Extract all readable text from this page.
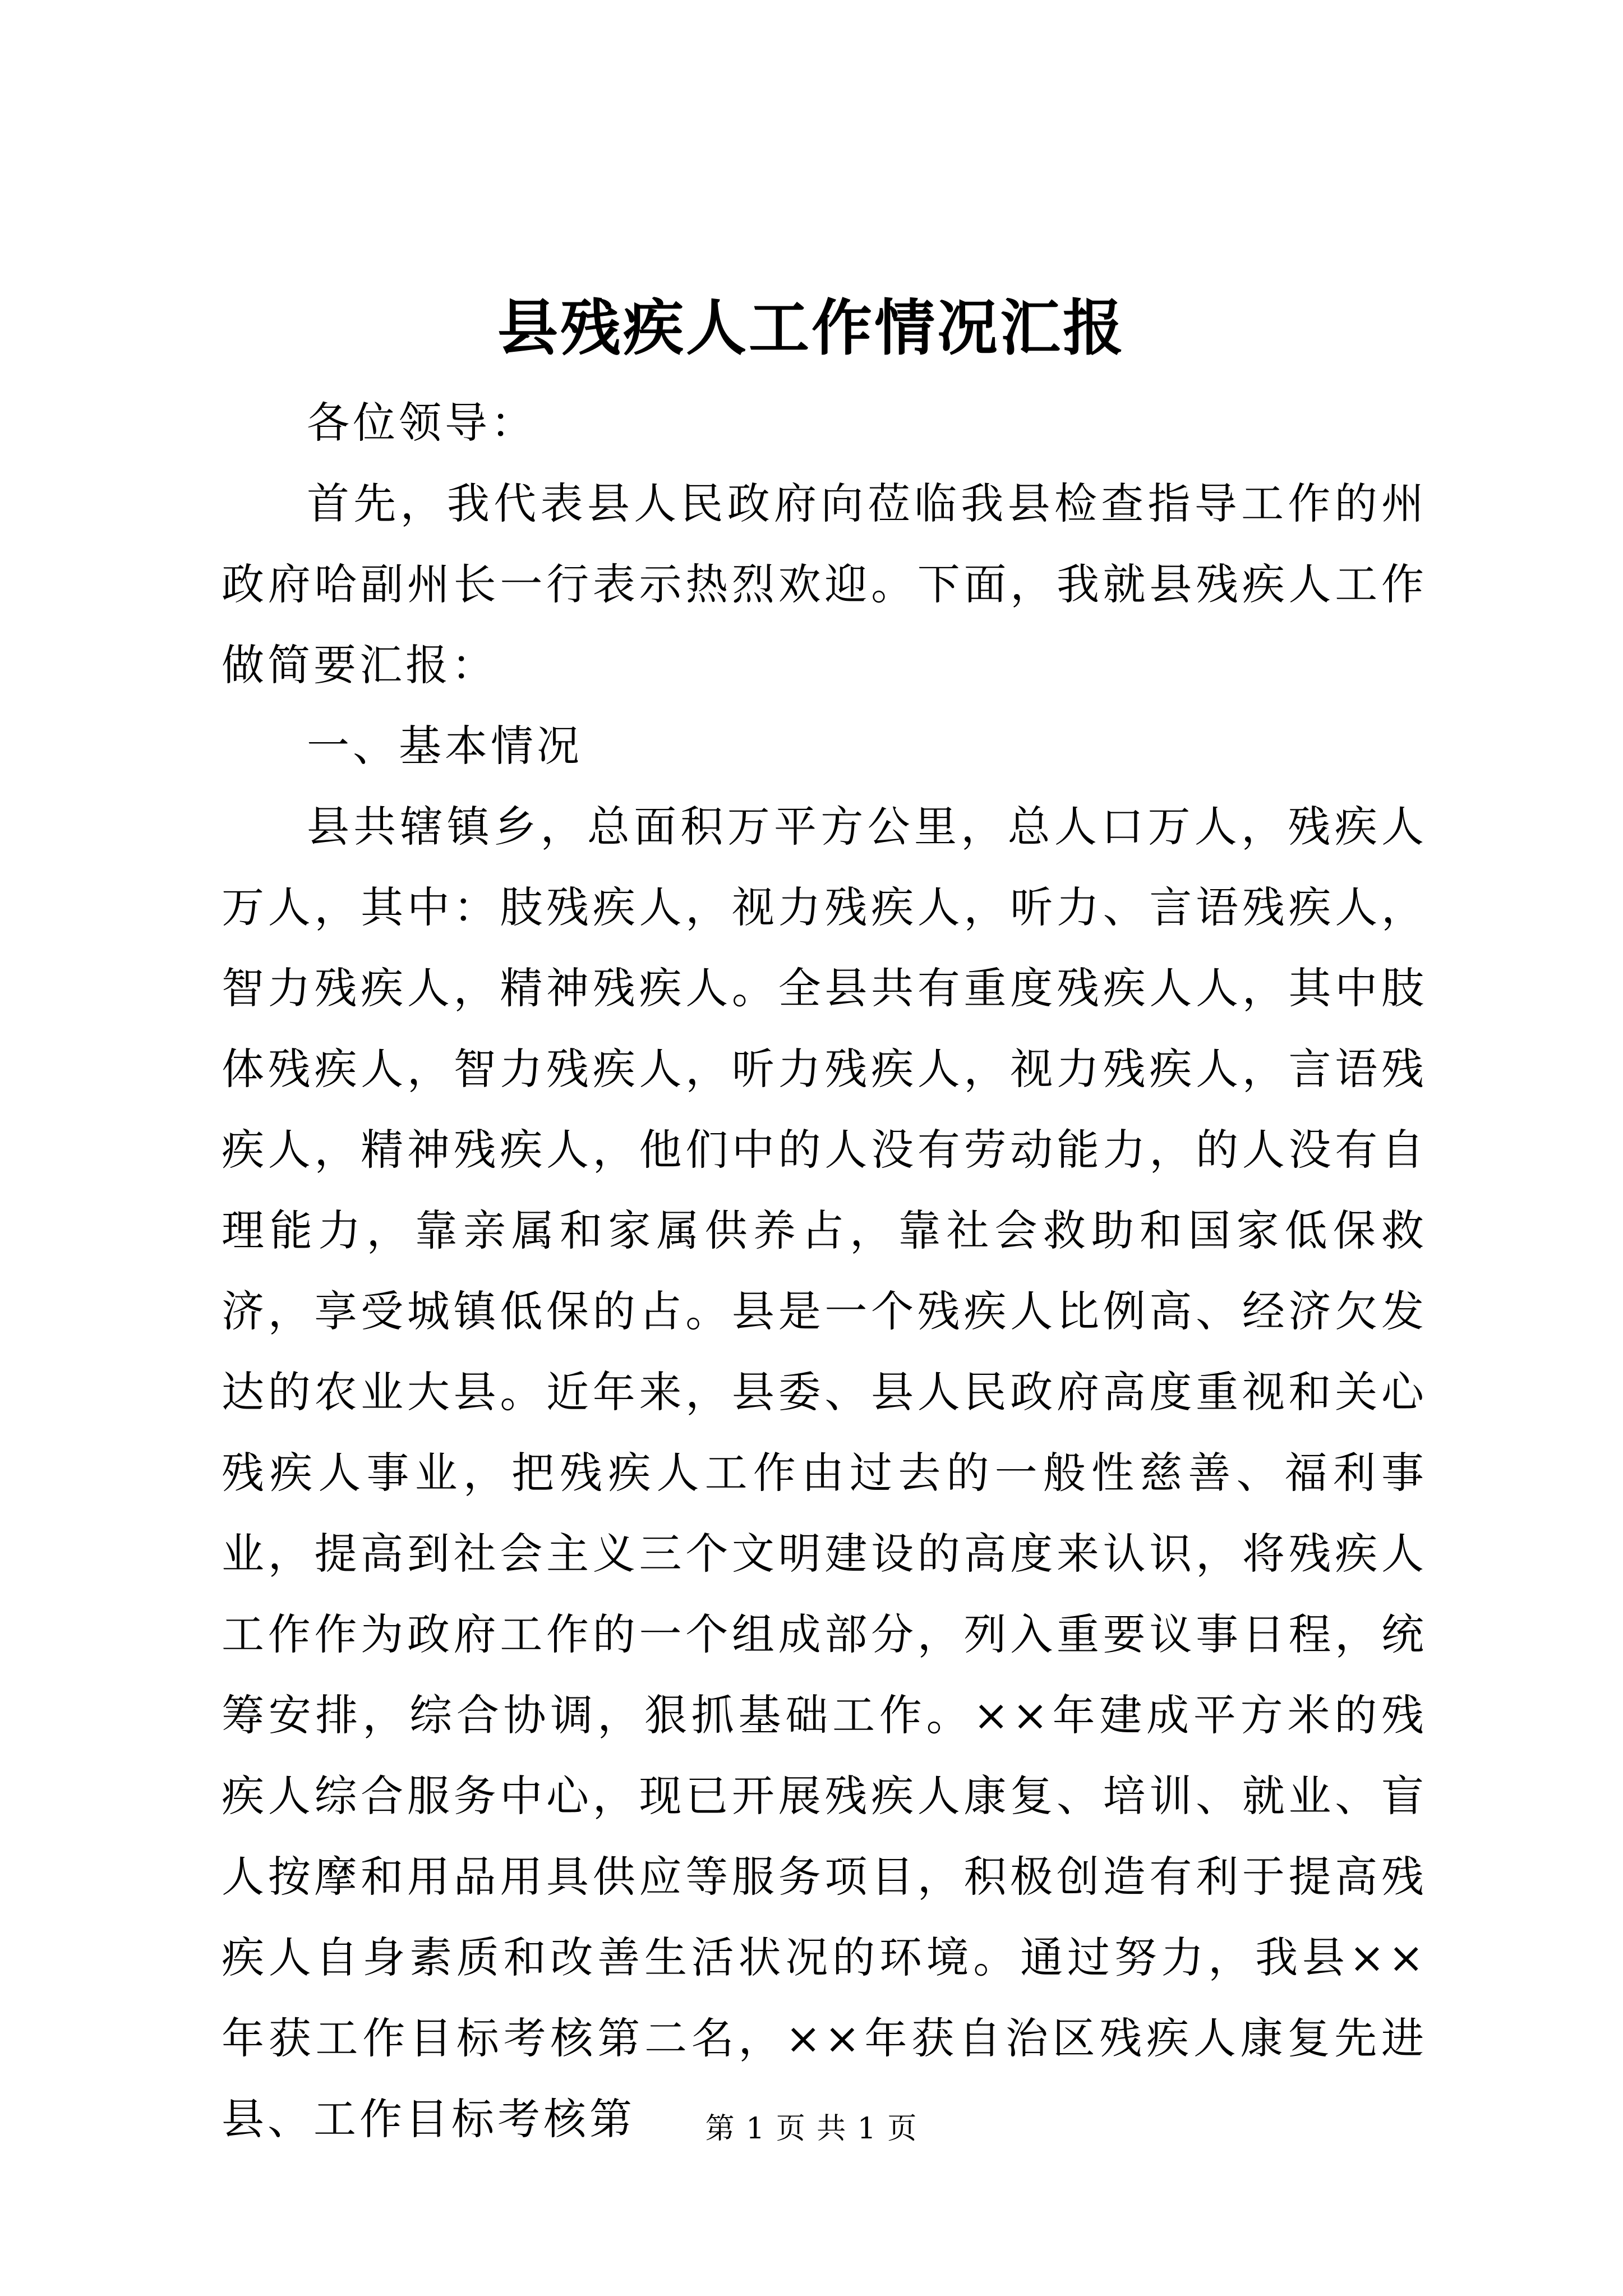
县残疾人工作情况汇报

各位领导：

首先，我代表县人民政府向莅临我县检查指导工作的州政府哈副州长一行表示热烈欢迎。下面，我就县残疾人工作做简要汇报：

一、基本情况

县共辖镇乡，总面积万平方公里，总人口万人，残疾人万人，其中：肢残疾人，视力残疾人，听力、言语残疾人，智力残疾人，精神残疾人。全县共有重度残疾人人，其中肢体残疾人，智力残疾人，听力残疾人，视力残疾人，言语残疾人，精神残疾人，他们中的人没有劳动能力，的人没有自理能力，靠亲属和家属供养占，靠社会救助和国家低保救济，享受城镇低保的占。县是一个残疾人比例高、经济欠发达的农业大县。近年来，县委、县人民政府高度重视和关心残疾人事业，把残疾人工作由过去的一般性慈善、福利事业，提高到社会主义三个文明建设的高度来认识，将残疾人工作作为政府工作的一个组成部分，列入重要议事日程，统筹安排，综合协调，狠抓基础工作。××年建成平方米的残疾人综合服务中心，现已开展残疾人康复、培训、就业、盲人按摩和用品用具供应等服务项目，积极创造有利于提高残疾人自身素质和改善生活状况的环境。通过努力，我县××年获工作目标考核第二名，××年获自治区残疾人康复先进县、工作目标考核第	第 1 页 共 1 页
